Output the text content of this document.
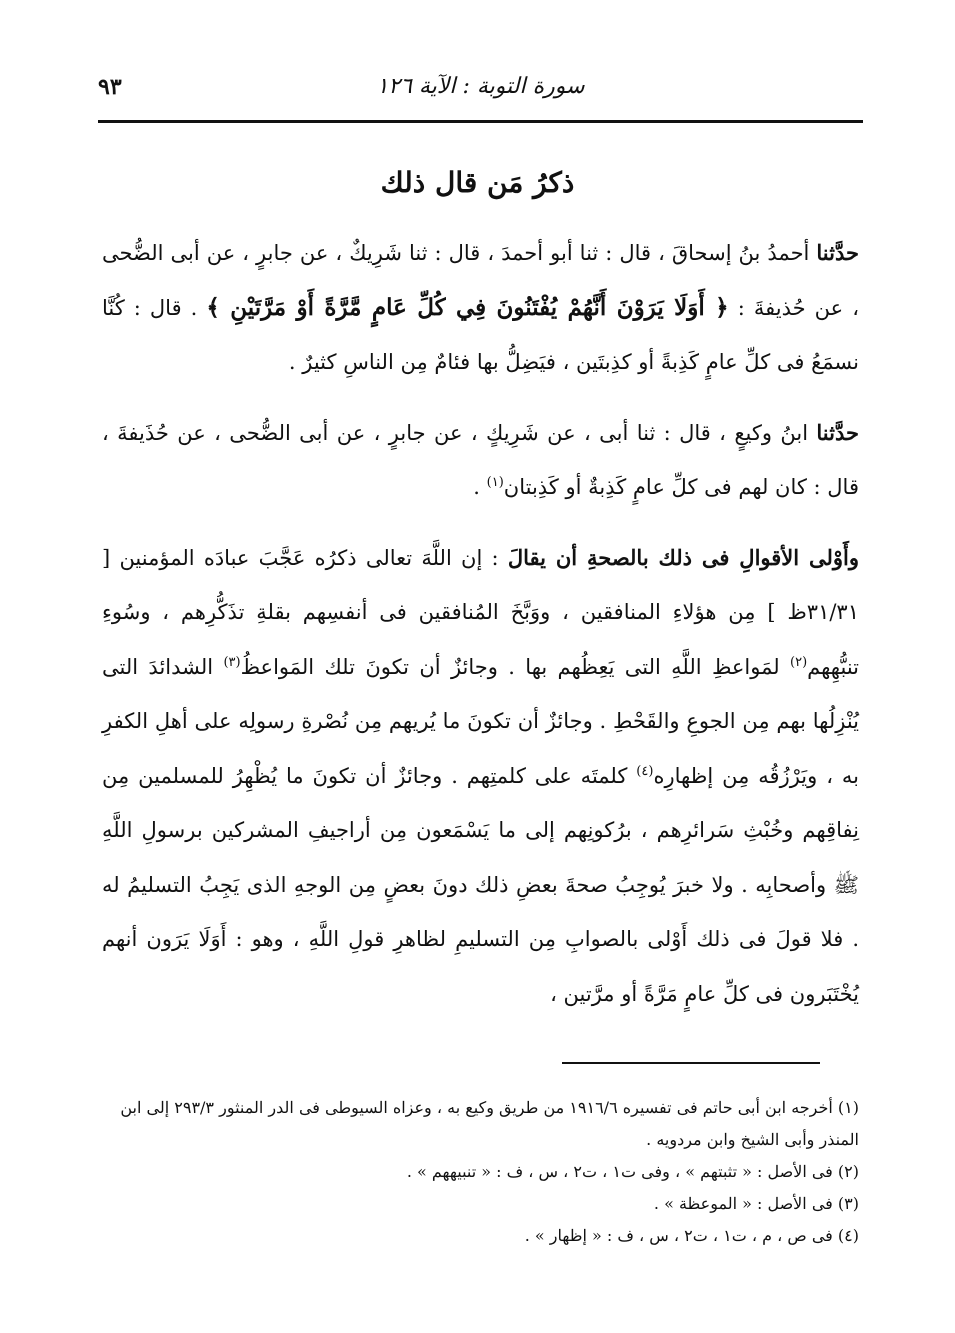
سورة التوبة : الآية ١٢٦
٩٣
ذكرُ مَن قال ذلك

حدَّثنا أحمدُ بنُ إسحاقَ ، قال : ثنا أبو أحمدَ ، قال : ثنا شَرِيكٌ ، عن جابرٍ ، عن أبى الضُّحى ، عن حُذيفةَ : ﴿ أَوَلَا يَرَوْنَ أَنَّهُمْ يُفْتَنُونَ فِي كُلِّ عَامٍ مَّرَّةً أَوْ مَرَّتَيْنِ ﴾ . قال : كُنَّا نسمَعُ فى كلِّ عامٍ كَذِبةً أو كذِبتَين ، فيَضِلُّ بها فئامٌ مِن الناسِ كثيرٌ .

حدَّثنا ابنُ وكيعٍ ، قال : ثنا أبى ، عن شَرِيكٍ ، عن جابرٍ ، عن أبى الضُّحى ، عن حُذَيفةَ ، قال : كان لهم فى كلِّ عامٍ كَذِبةٌ أو كَذِبتان$^{(١)}$ .

وأَوْلى الأقوالِ فى ذلك بالصحةِ أن يقالَ : إن اللَّهَ تعالى ذكرُه عَجَّبَ عبادَه المؤمنين [ ٣١/٣١ظ ] مِن هؤلاءِ المنافقين ، ووَبَّخَ المُنافقين فى أنفسِهم بقلةِ تذَكُّرِهم ، وسُوءِ تنبُّهِهم$^{(٢)}$ لمَواعظِ اللَّهِ التى يَعِظُهم بها . وجائزٌ أن تكونَ تلك المَواعظُ$^{(٣)}$ الشدائدَ التى يُنْزِلُها بهم مِن الجوعِ والقَحْطِ . وجائزٌ أن تكونَ ما يُريهم مِن نُصْرةِ رسولِه على أهلِ الكفرِ به ، ويَرْزُقُه مِن إظهارِه$^{(٤)}$ كلمتَه على كلمتِهم . وجائزٌ أن تكونَ ما يُظْهِرُ للمسلمين مِن نِفاقِهم وخُبْثِ سَرائرِهم ، برُكونِهم إلى ما يَسْمَعون مِن أراجيفِ المشركين برسولِ اللَّهِ ﷺ وأصحابِه . ولا خبرَ يُوجِبُ صحةَ بعضِ ذلك دونَ بعضٍ مِن الوجهِ الذى يَجِبُ التسليمُ له . فلا قولَ فى ذلك أَوْلى بالصوابِ مِن التسليمِ لظاهرِ قولِ اللَّهِ ، وهو : أَوَلَا يَرَون أنهم يُخْتَبَرون فى كلِّ عامٍ مَرَّةً أو مرَّتين ،

(١) أخرجه ابن أبى حاتم فى تفسيره ١٩١٦/٦ من طريق وكيع به ، وعزاه السيوطى فى الدر المنثور ٢٩٣/٣ إلى ابن المنذر وأبى الشيخ وابن مردويه .

(٢) فى الأصل : « تثبتهم » ، وفى ت١ ، ت٢ ، س ، ف : « تنبيههم » .

(٣) فى الأصل : « الموعظة » .

(٤) فى ص ، م ، ت١ ، ت٢ ، س ، ف : « إظهار » .
